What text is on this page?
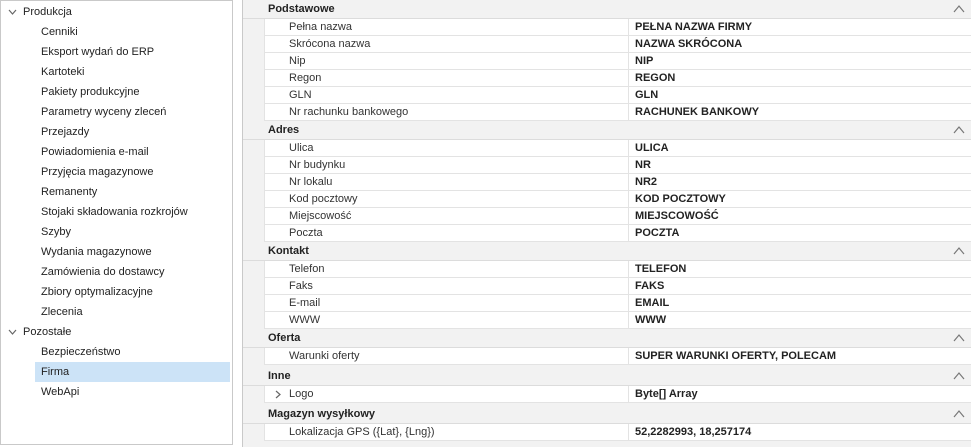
Produkcja
Cenniki
Eksport wydań do ERP
Kartoteki
Pakiety produkcyjne
Parametry wyceny zleceń
Przejazdy
Powiadomienia e-mail
Przyjęcia magazynowe
Remanenty
Stojaki składowania rozkrojów
Szyby
Wydania magazynowe
Zamówienia do dostawcy
Zbiory optymalizacyjne
Zlecenia
Pozostałe
Bezpieczeństwo
Firma
WebApi
Podstawowe
Pełna nazwa	PEŁNA NAZWA FIRMY
Skrócona nazwa	NAZWA SKRÓCONA
Nip	NIP
Regon	REGON
GLN	GLN
Nr rachunku bankowego	RACHUNEK BANKOWY
Adres
Ulica	ULICA
Nr budynku	NR
Nr lokalu	NR2
Kod pocztowy	KOD POCZTOWY
Miejscowość	MIEJSCOWOŚĆ
Poczta	POCZTA
Kontakt
Telefon	TELEFON
Faks	FAKS
E-mail	EMAIL
WWW	WWW
Oferta
Warunki oferty	SUPER WARUNKI OFERTY, POLECAM
Inne
Logo	Byte[] Array
Magazyn wysyłkowy
Lokalizacja GPS ({Lat}, {Lng})	52,2282993, 18,257174
